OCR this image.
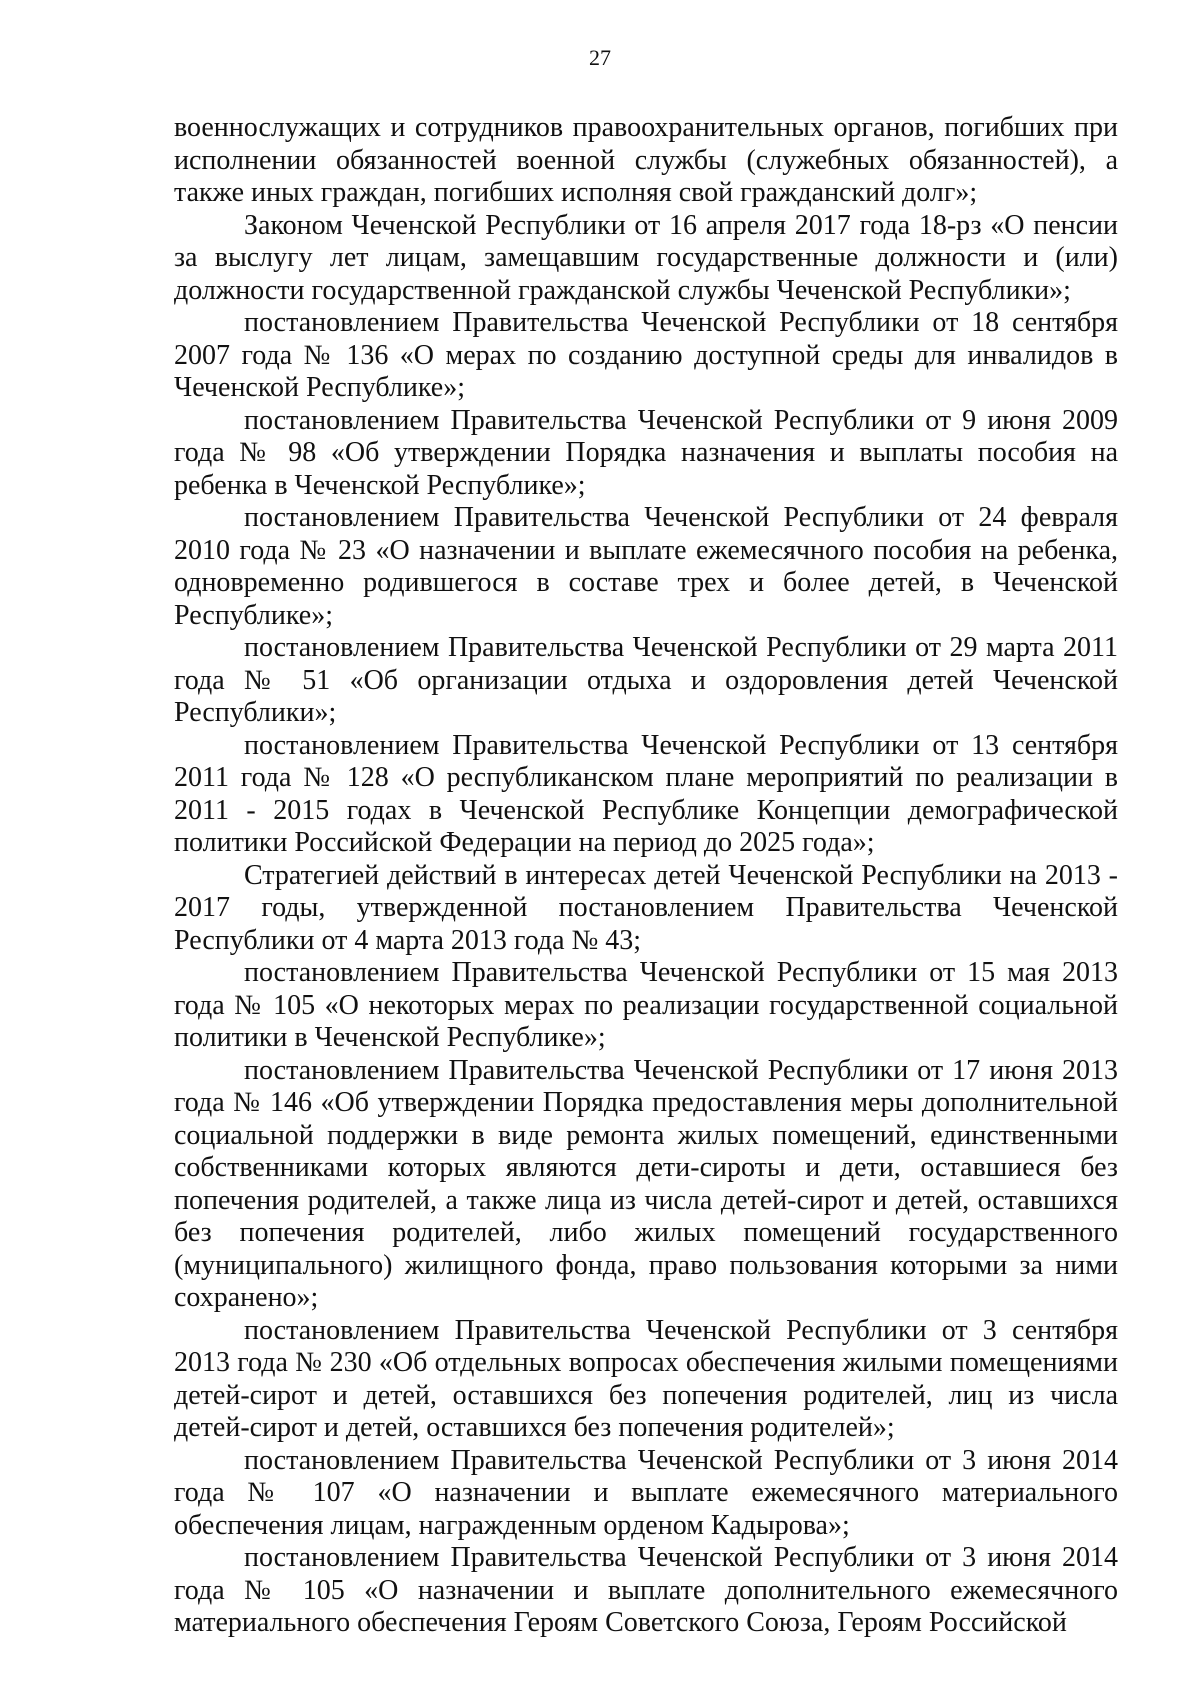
27

военнослужащих и сотрудников правоохранительных органов, погибших при исполнении обязанностей военной службы (служебных обязанностей), а также иных граждан, погибших исполняя свой гражданский долг»;

Законом Чеченской Республики от 16 апреля 2017 года 18-рз «О пенсии за выслугу лет лицам, замещавшим государственные должности и (или) должности государственной гражданской службы Чеченской Республики»;

постановлением Правительства Чеченской Республики от 18 сентября 2007 года № 136 «О мерах по созданию доступной среды для инвалидов в Чеченской Республике»;

постановлением Правительства Чеченской Республики от 9 июня 2009 года № 98 «Об утверждении Порядка назначения и выплаты пособия на ребенка в Чеченской Республике»;

постановлением Правительства Чеченской Республики от 24 февраля 2010 года № 23 «О назначении и выплате ежемесячного пособия на ребенка, одновременно родившегося в составе трех и более детей, в Чеченской Республике»;

постановлением Правительства Чеченской Республики от 29 марта 2011 года № 51 «Об организации отдыха и оздоровления детей Чеченской Республики»;

постановлением Правительства Чеченской Республики от 13 сентября 2011 года № 128 «О республиканском плане мероприятий по реализации в 2011 - 2015 годах в Чеченской Республике Концепции демографической политики Российской Федерации на период до 2025 года»;

Стратегией действий в интересах детей Чеченской Республики на 2013 - 2017 годы, утвержденной постановлением Правительства Чеченской Республики от 4 марта 2013 года № 43;

постановлением Правительства Чеченской Республики от 15 мая 2013 года № 105 «О некоторых мерах по реализации государственной социальной политики в Чеченской Республике»;

постановлением Правительства Чеченской Республики от 17 июня 2013 года № 146 «Об утверждении Порядка предоставления меры дополнительной социальной поддержки в виде ремонта жилых помещений, единственными собственниками которых являются дети-сироты и дети, оставшиеся без попечения родителей, а также лица из числа детей-сирот и детей, оставшихся без попечения родителей, либо жилых помещений государственного (муниципального) жилищного фонда, право пользования которыми за ними сохранено»;

постановлением Правительства Чеченской Республики от 3 сентября 2013 года № 230 «Об отдельных вопросах обеспечения жилыми помещениями детей-сирот и детей, оставшихся без попечения родителей, лиц из числа детей-сирот и детей, оставшихся без попечения родителей»;

постановлением Правительства Чеченской Республики от 3 июня 2014 года № 107 «О назначении и выплате ежемесячного материального обеспечения лицам, награжденным орденом Кадырова»;

постановлением Правительства Чеченской Республики от 3 июня 2014 года № 105 «О назначении и выплате дополнительного ежемесячного материального обеспечения Героям Советского Союза, Героям Российской
